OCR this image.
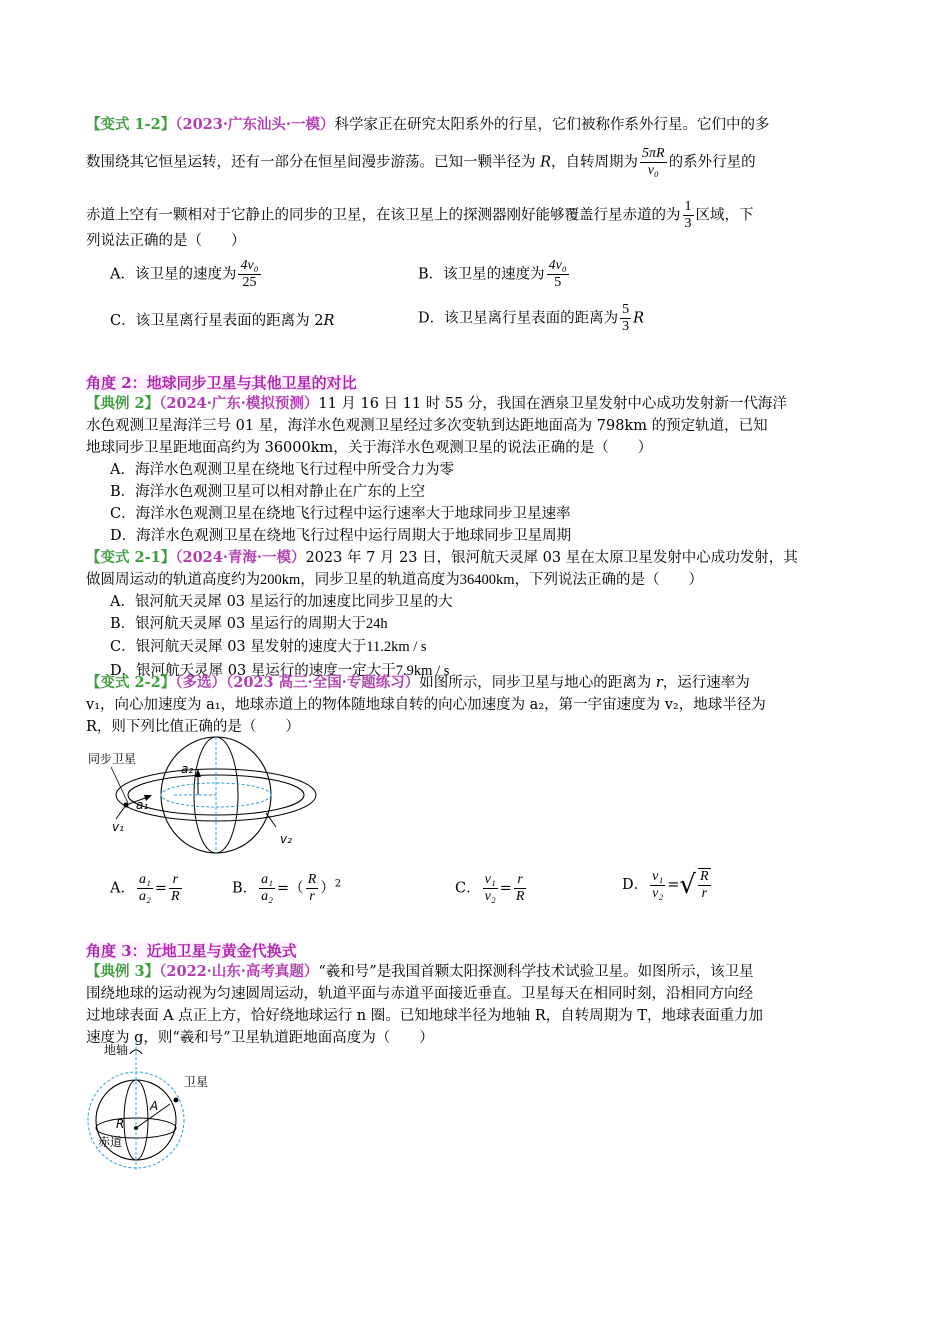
【变式 1-2】（2023·广东汕头·一模）科学家正在研究太阳系外的行星，它们被称作系外行星。它们中的多
数围绕其它恒星运转，还有一部分在恒星间漫步游荡。已知一颗半径为 R，自转周期为 $\frac{5\pi R}{\text{v₀}}$ 的系外行星的
赤道上空有一颗相对于它静止的同步的卫星，在该卫星上的探测器刚好能够覆盖行星赤道的为 $\frac{1}{3}$ 区域，下
列说法正确的是（　　）
A．该卫星的速度为 $\frac{\text{4v₀}}{25}$	B．该卫星的速度为 $\frac{\text{4v₀}}{5}$
C．该卫星离行星表面的距离为 2R	D．该卫星离行星表面的距离为 $\frac{5}{3}$ R
角度 2：地球同步卫星与其他卫星的对比
【典例 2】（2024·广东·模拟预测）11 月 16 日 11 时 55 分，我国在酒泉卫星发射中心成功发射新一代海洋
水色观测卫星海洋三号 01 星，海洋水色观测卫星经过多次变轨到达距地面高为 798km 的预定轨道，已知
地球同步卫星距地面高约为 36000km，关于海洋水色观测卫星的说法正确的是（　　）
A．海洋水色观测卫星在绕地飞行过程中所受合力为零
B．海洋水色观测卫星可以相对静止在广东的上空
C．海洋水色观测卫星在绕地飞行过程中运行速率大于地球同步卫星速率
D．海洋水色观测卫星在绕地飞行过程中运行周期大于地球同步卫星周期
【变式 2-1】（2024·青海·一模）2023 年 7 月 23 日，银河航天灵犀 03 星在太原卫星发射中心成功发射，其
做圆周运动的轨道高度约为200km，同步卫星的轨道高度为36400km，下列说法正确的是（　　）
A．银河航天灵犀 03 星运行的加速度比同步卫星的大
B．银河航天灵犀 03 星运行的周期大于24h
C．银河航天灵犀 03 星发射的速度大于11.2km / s
D．银河航天灵犀 03 星运行的速度一定大于7.9km / s
【变式 2-2】（多选）（2023 高三·全国·专题练习）如图所示，同步卫星与地心的距离为 r，运行速率为
v₁，向心加速度为 a₁，地球赤道上的物体随地球自转的向心加速度为 a₂，第一宇宙速度为 v₂，地球半径为
R，则下列比值正确的是（　　）
同步卫星
a₂
a₁
v₁
v₂
A． $\frac{\text{a₁}}{\text{a₂}} = \frac{r}{R}$	B． $\frac{\text{a₁}}{\text{a₂}}$ =（ $\frac{R}{r} )^2$	C． $\frac{\text{v₁}}{\text{v₂}} = \frac{r}{R}$	D． $\frac{\text{v₁}}{\text{v₂}}$ =√ $\frac{R}{r}$
角度 3：近地卫星与黄金代换式
【典例 3】（2022·山东·高考真题）“羲和号”是我国首颗太阳探测科学技术试验卫星。如图所示，该卫星
围绕地球的运动视为匀速圆周运动，轨道平面与赤道平面接近垂直。卫星每天在相同时刻，沿相同方向经
过地球表面 A 点正上方，恰好绕地球运行 n 圈。已知地球半径为地轴 R，自转周期为 T，地球表面重力加
速度为 g，则“羲和号”卫星轨道距地面高度为（　　）
地轴
卫星
A
R
赤道
